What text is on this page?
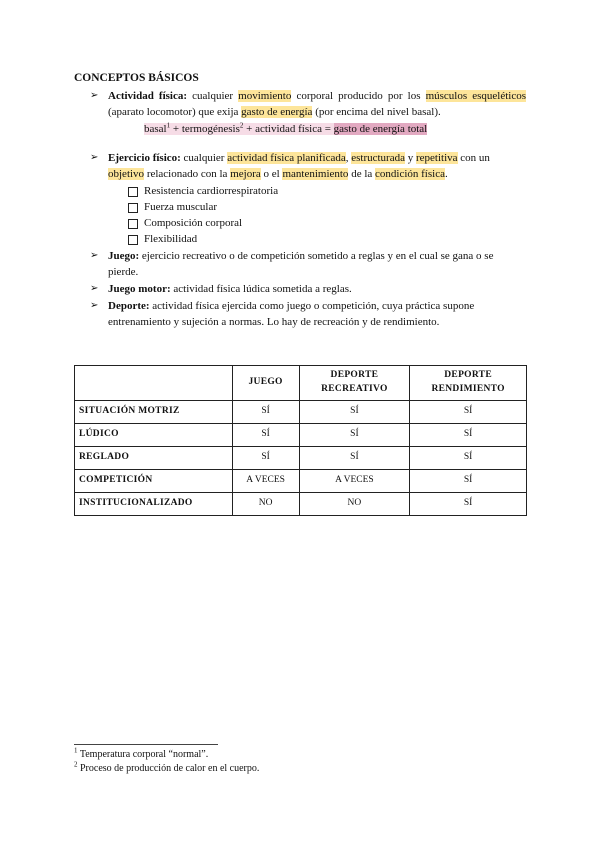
CONCEPTOS BÁSICOS
➢ Actividad física: cualquier movimiento corporal producido por los músculos esqueléticos (aparato locomotor) que exija gasto de energía (por encima del nivel basal).
basal$^1$ + termogénesis$^2$ + actividad física = gasto de energía total
➢ Ejercicio físico: cualquier actividad física planificada, estructurada y repetitiva con un objetivo relacionado con la mejora o el mantenimiento de la condición física.
Resistencia cardiorrespiratoria
Fuerza muscular
Composición corporal
Flexibilidad
➢ Juego: ejercicio recreativo o de competición sometido a reglas y en el cual se gana o se pierde.
➢ Juego motor: actividad física lúdica sometida a reglas.
➢ Deporte: actividad física ejercida como juego o competición, cuya práctica supone entrenamiento y sujeción a normas. Lo hay de recreación y de rendimiento.
	JUEGO	DEPORTE RECREATIVO	DEPORTE RENDIMIENTO
SITUACIÓN MOTRIZ	SÍ	SÍ	SÍ
LÚDICO	SÍ	SÍ	SÍ
REGLADO	SÍ	SÍ	SÍ
COMPETICIÓN	A VECES	A VECES	SÍ
INSTITUCIONALIZADO	NO	NO	SÍ
$^1$ Temperatura corporal “normal”.
$^2$ Proceso de producción de calor en el cuerpo.
